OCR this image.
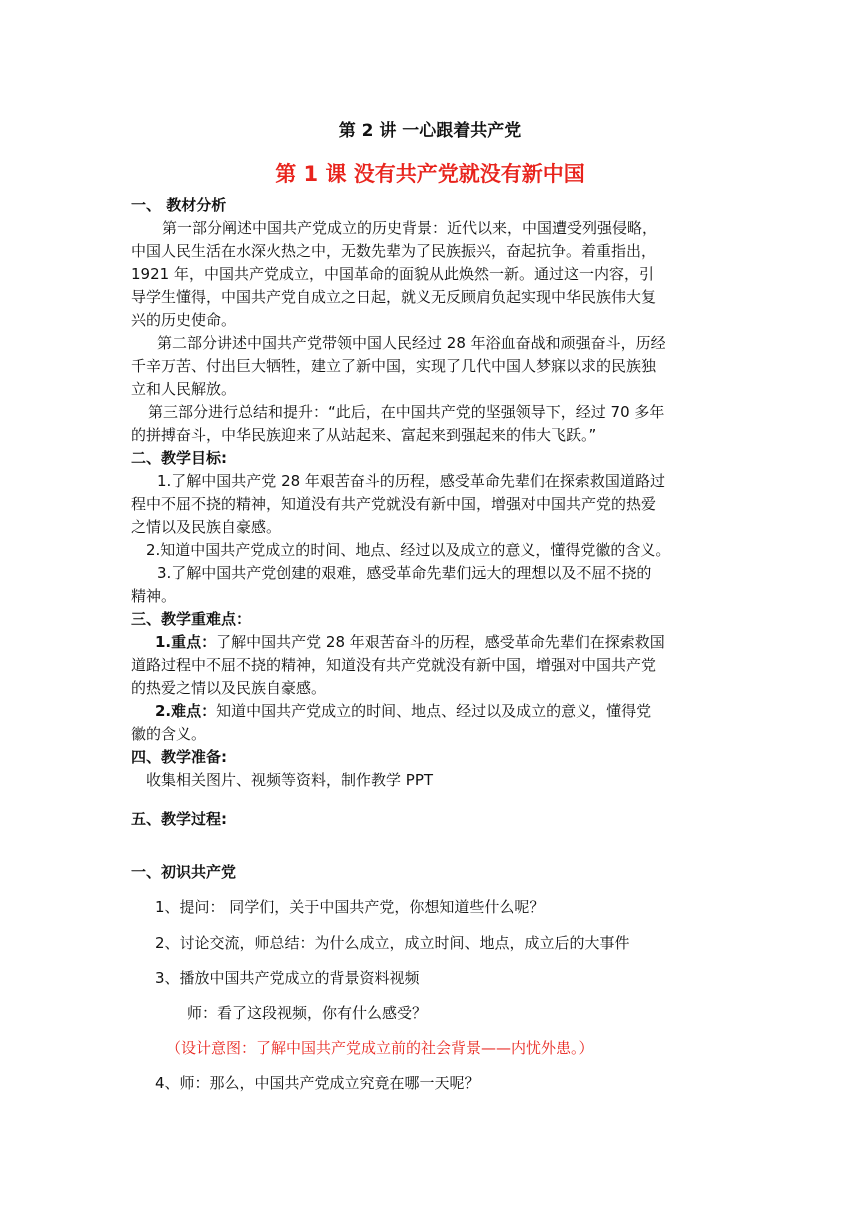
第 2 讲 一心跟着共产党
第 1 课 没有共产党就没有新中国
一、 教材分析
第一部分阐述中国共产党成立的历史背景：近代以来，中国遭受列强侵略，
中国人民生活在水深火热之中，无数先辈为了民族振兴，奋起抗争。着重指出，
1921 年，中国共产党成立，中国革命的面貌从此焕然一新。通过这一内容，引
导学生懂得，中国共产党自成立之日起，就义无反顾肩负起实现中华民族伟大复
兴的历史使命。
第二部分讲述中国共产党带领中国人民经过 28 年浴血奋战和顽强奋斗，历经
千辛万苦、付出巨大牺牲，建立了新中国，实现了几代中国人梦寐以求的民族独
立和人民解放。
第三部分进行总结和提升：“此后，在中国共产党的坚强领导下，经过 70 多年
的拼搏奋斗，中华民族迎来了从站起来、富起来到强起来的伟大飞跃。”
二、教学目标:
1.了解中国共产党 28 年艰苦奋斗的历程，感受革命先辈们在探索救国道路过
程中不屈不挠的精神，知道没有共产党就没有新中国，增强对中国共产党的热爱
之情以及民族自豪感。
2.知道中国共产党成立的时间、地点、经过以及成立的意义，懂得党徽的含义。
3.了解中国共产党创建的艰难，感受革命先辈们远大的理想以及不屈不挠的
精神。
三、教学重难点：
1.重点：了解中国共产党 28 年艰苦奋斗的历程，感受革命先辈们在探索救国
道路过程中不屈不挠的精神，知道没有共产党就没有新中国，增强对中国共产党
的热爱之情以及民族自豪感。
2.难点：知道中国共产党成立的时间、地点、经过以及成立的意义，懂得党
徽的含义。
四、教学准备:
收集相关图片、视频等资料，制作教学 PPT
五、教学过程:
一、初识共产党
1、提问： 同学们，关于中国共产党，你想知道些什么呢？
2、讨论交流，师总结：为什么成立，成立时间、地点，成立后的大事件
3、播放中国共产党成立的背景资料视频
师：看了这段视频，你有什么感受？
（设计意图：了解中国共产党成立前的社会背景——内忧外患。）
4、师：那么，中国共产党成立究竟在哪一天呢？
